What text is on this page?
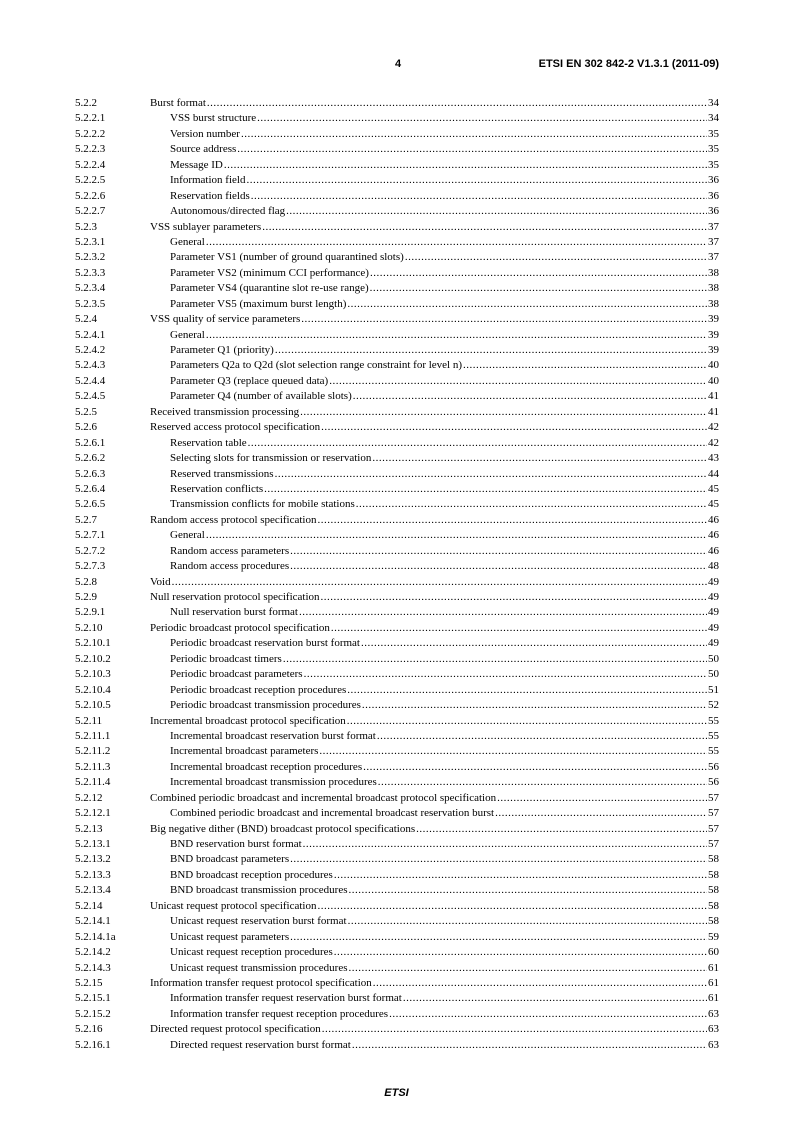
4	ETSI EN 302 842-2 V1.3.1 (2011-09)
5.2.2	Burst format .....	34
5.2.2.1	VSS burst structure .....	34
5.2.2.2	Version number .....	35
5.2.2.3	Source address .....	35
5.2.2.4	Message ID .....	35
5.2.2.5	Information field .....	36
5.2.2.6	Reservation fields .....	36
5.2.2.7	Autonomous/directed flag .....	36
5.2.3	VSS sublayer parameters .....	37
5.2.3.1	General .....	37
5.2.3.2	Parameter VS1 (number of ground quarantined slots) .....	37
5.2.3.3	Parameter VS2 (minimum CCI performance) .....	38
5.2.3.4	Parameter VS4 (quarantine slot re-use range) .....	38
5.2.3.5	Parameter VS5 (maximum burst length) .....	38
5.2.4	VSS quality of service parameters .....	39
5.2.4.1	General .....	39
5.2.4.2	Parameter Q1 (priority) .....	39
5.2.4.3	Parameters Q2a to Q2d (slot selection range constraint for level n) .....	40
5.2.4.4	Parameter Q3 (replace queued data) .....	40
5.2.4.5	Parameter Q4 (number of available slots) .....	41
5.2.5	Received transmission processing .....	41
5.2.6	Reserved access protocol specification .....	42
5.2.6.1	Reservation table .....	42
5.2.6.2	Selecting slots for transmission or reservation .....	43
5.2.6.3	Reserved transmissions .....	44
5.2.6.4	Reservation conflicts .....	45
5.2.6.5	Transmission conflicts for mobile stations .....	45
5.2.7	Random access protocol specification .....	46
5.2.7.1	General .....	46
5.2.7.2	Random access parameters .....	46
5.2.7.3	Random access procedures .....	48
5.2.8	Void .....	49
5.2.9	Null reservation protocol specification .....	49
5.2.9.1	Null reservation burst format .....	49
5.2.10	Periodic broadcast protocol specification .....	49
5.2.10.1	Periodic broadcast reservation burst format .....	49
5.2.10.2	Periodic broadcast timers .....	50
5.2.10.3	Periodic broadcast parameters .....	50
5.2.10.4	Periodic broadcast reception procedures .....	51
5.2.10.5	Periodic broadcast transmission procedures .....	52
5.2.11	Incremental broadcast protocol specification .....	55
5.2.11.1	Incremental broadcast reservation burst format .....	55
5.2.11.2	Incremental broadcast parameters .....	55
5.2.11.3	Incremental broadcast reception procedures .....	56
5.2.11.4	Incremental broadcast transmission procedures .....	56
5.2.12	Combined periodic broadcast and incremental broadcast protocol specification .....	57
5.2.12.1	Combined periodic broadcast and incremental broadcast reservation burst .....	57
5.2.13	Big negative dither (BND) broadcast protocol specifications .....	57
5.2.13.1	BND reservation burst format .....	57
5.2.13.2	BND broadcast parameters .....	58
5.2.13.3	BND broadcast reception procedures .....	58
5.2.13.4	BND broadcast transmission procedures .....	58
5.2.14	Unicast request protocol specification .....	58
5.2.14.1	Unicast request reservation burst format .....	58
5.2.14.1a	Unicast request parameters .....	59
5.2.14.2	Unicast request reception procedures .....	60
5.2.14.3	Unicast request transmission procedures .....	61
5.2.15	Information transfer request protocol specification .....	61
5.2.15.1	Information transfer request reservation burst format .....	61
5.2.15.2	Information transfer request reception procedures .....	63
5.2.16	Directed request protocol specification .....	63
5.2.16.1	Directed request reservation burst format .....	63
ETSI
